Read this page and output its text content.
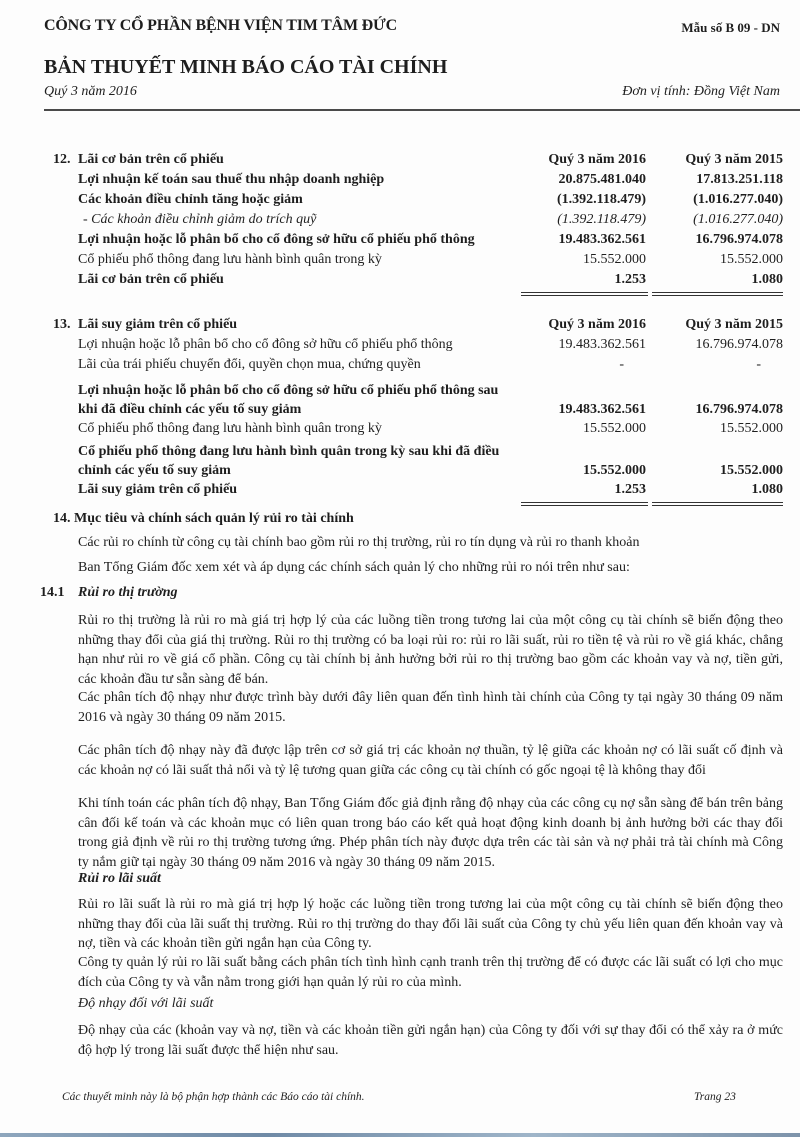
CÔNG TY CỔ PHẦN BỆNH VIỆN TIM TÂM ĐỨC	Mẫu số B 09 - DN
BẢN THUYẾT MINH BÁO CÁO TÀI CHÍNH
Quý 3 năm 2016	Đơn vị tính: Đồng Việt Nam
12. Lãi cơ bản trên cổ phiếu	Quý 3 năm 2016	Quý 3 năm 2015
Lợi nhuận kế toán sau thuế thu nhập doanh nghiệp	20.875.481.040	17.813.251.118
Các khoản điều chỉnh tăng hoặc giảm	(1.392.118.479)	(1.016.277.040)
- Các khoản điều chỉnh giảm do trích quỹ	(1.392.118.479)	(1.016.277.040)
Lợi nhuận hoặc lỗ phân bổ cho cổ đông sở hữu cổ phiếu phổ thông	19.483.362.561	16.796.974.078
Cổ phiếu phổ thông đang lưu hành bình quân trong kỳ	15.552.000	15.552.000
Lãi cơ bản trên cổ phiếu	1.253	1.080
13. Lãi suy giảm trên cổ phiếu	Quý 3 năm 2016	Quý 3 năm 2015
Lợi nhuận hoặc lỗ phân bổ cho cổ đông sở hữu cổ phiếu phổ thông	19.483.362.561	16.796.974.078
Lãi của trái phiếu chuyển đổi, quyền chọn mua, chứng quyền	-	-
Lợi nhuận hoặc lỗ phân bổ cho cổ đông sở hữu cổ phiếu phổ thông sau
khi đã điều chỉnh các yếu tố suy giảm	19.483.362.561	16.796.974.078
Cổ phiếu phổ thông đang lưu hành bình quân trong kỳ	15.552.000	15.552.000
Cổ phiếu phổ thông đang lưu hành bình quân trong kỳ sau khi đã điều
chỉnh các yếu tố suy giảm	15.552.000	15.552.000
Lãi suy giảm trên cổ phiếu	1.253	1.080
14. Mục tiêu và chính sách quản lý rủi ro tài chính
Các rủi ro chính từ công cụ tài chính bao gồm rủi ro thị trường, rủi ro tín dụng và rủi ro thanh khoản
Ban Tổng Giám đốc xem xét và áp dụng các chính sách quản lý cho những rủi ro nói trên như sau:
14.1 Rủi ro thị trường
Rủi ro thị trường là rủi ro mà giá trị hợp lý của các luồng tiền trong tương lai của một công cụ tài chính sẽ biến động theo những thay đổi của giá thị trường. Rủi ro thị trường có ba loại rủi ro: rủi ro lãi suất, rủi ro tiền tệ và rủi ro về giá khác, chẳng hạn như rủi ro về giá cổ phần. Công cụ tài chính bị ảnh hưởng bởi rủi ro thị trường bao gồm các khoản vay và nợ, tiền gửi, các khoản đầu tư sẵn sàng để bán.
Các phân tích độ nhạy như được trình bày dưới đây liên quan đến tình hình tài chính của Công ty tại ngày 30 tháng 09 năm 2016 và ngày 30 tháng 09 năm 2015.
Các phân tích độ nhạy này đã được lập trên cơ sở giá trị các khoản nợ thuần, tỷ lệ giữa các khoản nợ có lãi suất cố định và các khoản nợ có lãi suất thả nổi và tỷ lệ tương quan giữa các công cụ tài chính có gốc ngoại tệ là không thay đổi
Khi tính toán các phân tích độ nhạy, Ban Tổng Giám đốc giả định rằng độ nhạy của các công cụ nợ sẵn sàng để bán trên bảng cân đối kế toán và các khoản mục có liên quan trong báo cáo kết quả hoạt động kinh doanh bị ảnh hưởng bởi các thay đổi trong giả định về rủi ro thị trường tương ứng. Phép phân tích này được dựa trên các tài sản và nợ phải trả tài chính mà Công ty nắm giữ tại ngày 30 tháng 09 năm 2016 và ngày 30 tháng 09 năm 2015.
Rủi ro lãi suất
Rủi ro lãi suất là rủi ro mà giá trị hợp lý hoặc các luồng tiền trong tương lai của một công cụ tài chính sẽ biến động theo những thay đổi của lãi suất thị trường. Rủi ro thị trường do thay đổi lãi suất của Công ty chủ yếu liên quan đến khoản vay và nợ, tiền và các khoản tiền gửi ngắn hạn của Công ty.
Công ty quản lý rủi ro lãi suất bằng cách phân tích tình hình cạnh tranh trên thị trường để có được các lãi suất có lợi cho mục đích của Công ty và vẫn nằm trong giới hạn quản lý rủi ro của mình.
Độ nhạy đối với lãi suất
Độ nhạy của các (khoản vay và nợ, tiền và các khoản tiền gửi ngắn hạn) của Công ty đối với sự thay đổi có thể xảy ra ở mức độ hợp lý trong lãi suất được thể hiện như sau.
Các thuyết minh này là bộ phận hợp thành các Báo cáo tài chính.	Trang 23
